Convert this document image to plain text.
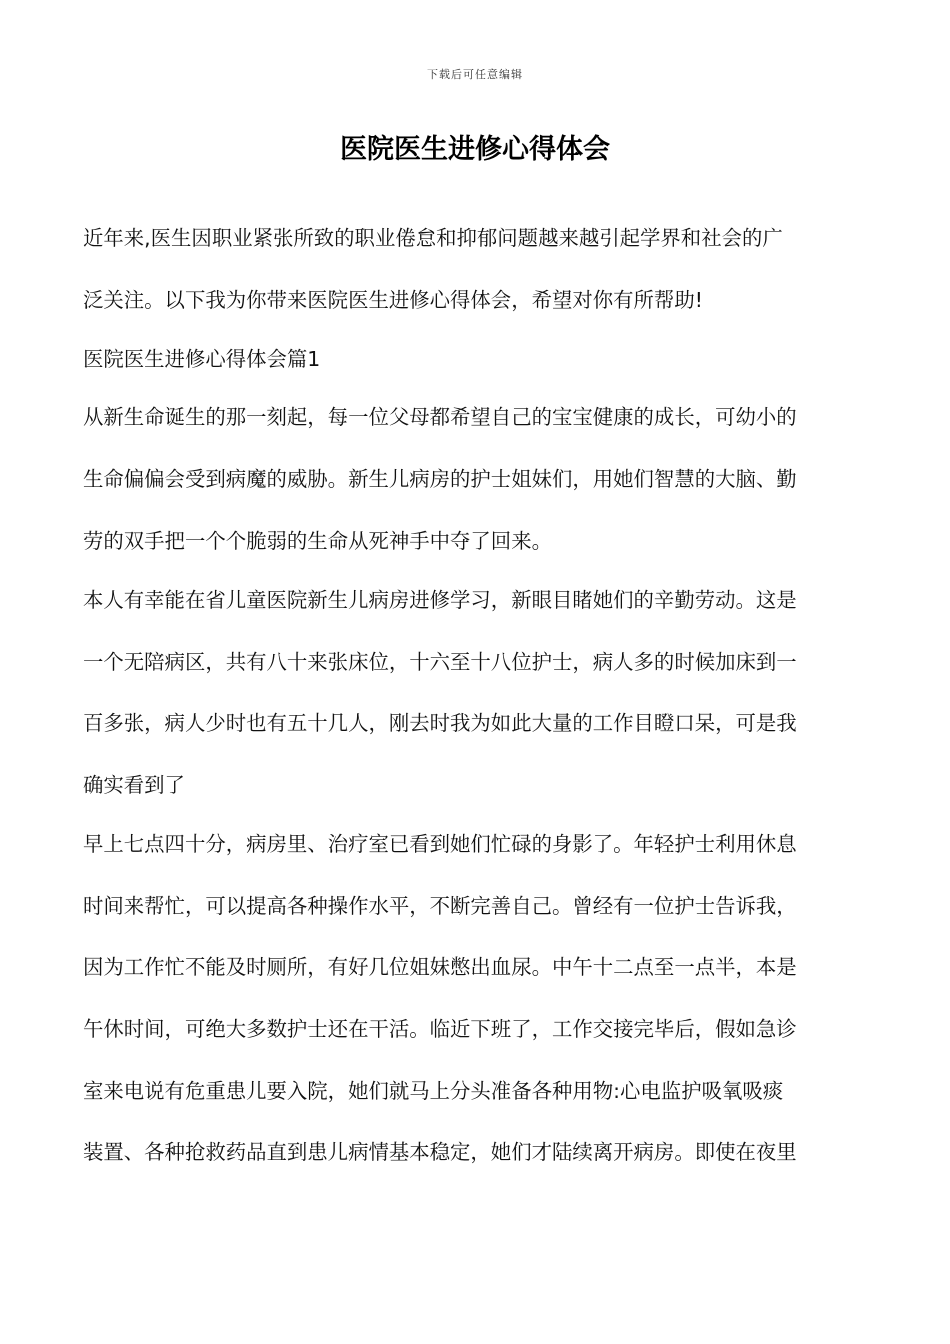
下载后可任意编辑
医院医生进修心得体会

近年来,医生因职业紧张所致的职业倦怠和抑郁问题越来越引起学界和社会的广

泛关注。以下我为你带来医院医生进修心得体会，希望对你有所帮助!

医院医生进修心得体会篇1

从新生命诞生的那一刻起，每一位父母都希望自己的宝宝健康的成长，可幼小的

生命偏偏会受到病魔的威胁。新生儿病房的护士姐妹们，用她们智慧的大脑、勤

劳的双手把一个个脆弱的生命从死神手中夺了回来。

本人有幸能在省儿童医院新生儿病房进修学习，新眼目睹她们的辛勤劳动。这是

一个无陪病区，共有八十来张床位，十六至十八位护士，病人多的时候加床到一

百多张，病人少时也有五十几人，刚去时我为如此大量的工作目瞪口呆，可是我

确实看到了

早上七点四十分，病房里、治疗室已看到她们忙碌的身影了。年轻护士利用休息

时间来帮忙，可以提高各种操作水平，不断完善自己。曾经有一位护士告诉我，

因为工作忙不能及时厕所，有好几位姐妹憋出血尿。中午十二点至一点半，本是

午休时间，可绝大多数护士还在干活。临近下班了，工作交接完毕后，假如急诊

室来电说有危重患儿要入院，她们就马上分头准备各种用物:心电监护吸氧吸痰

装置、各种抢救药品直到患儿病情基本稳定，她们才陆续离开病房。即使在夜里
